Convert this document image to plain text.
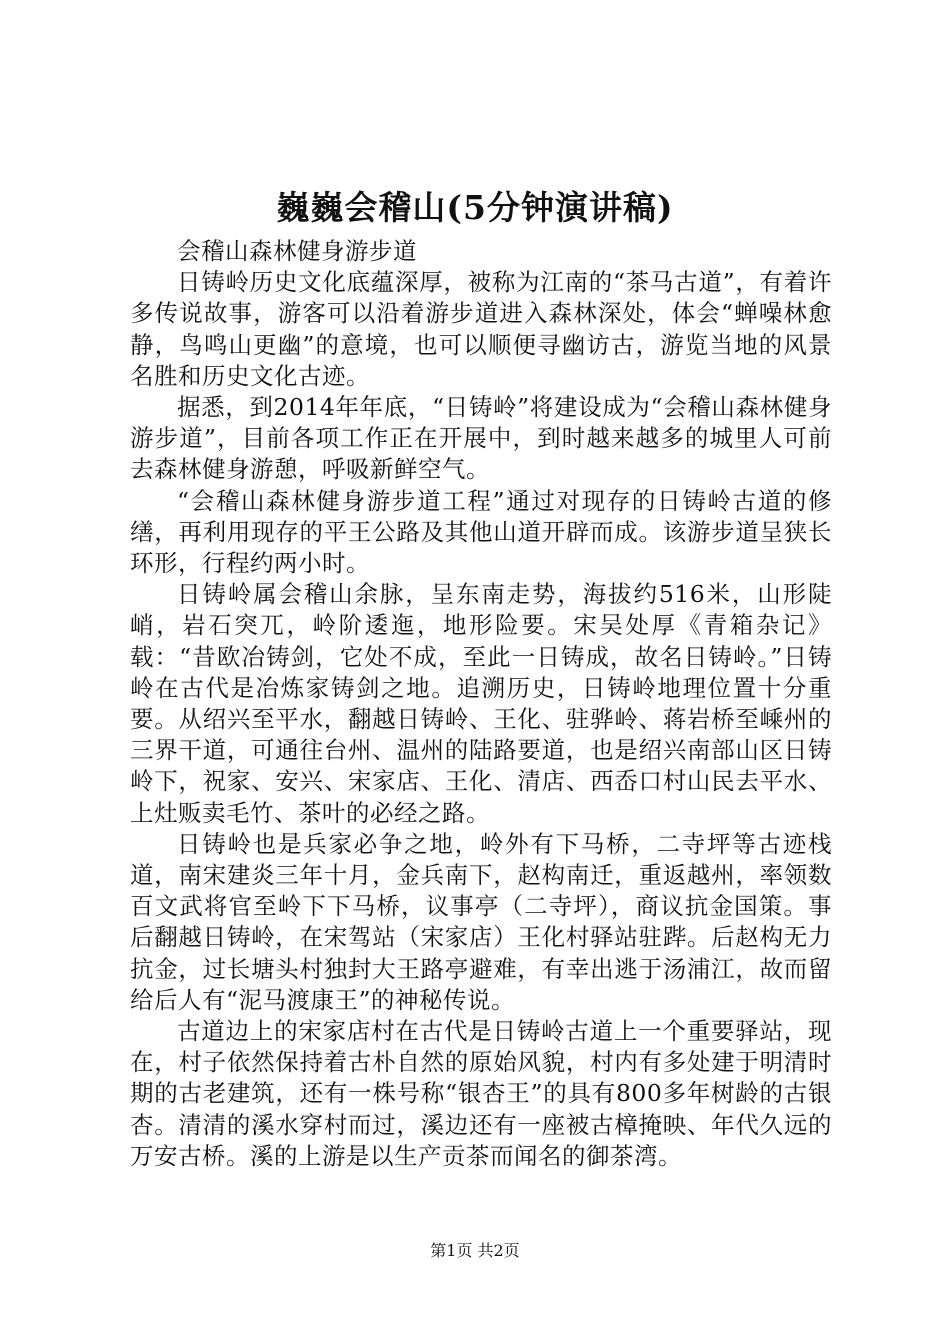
巍巍会稽山(5分钟演讲稿)

会稽山森林健身游步道

日铸岭历史文化底蕴深厚，被称为江南的“茶马古道”，有着许多传说故事，游客可以沿着游步道进入森林深处，体会“蝉噪林愈静，鸟鸣山更幽”的意境，也可以顺便寻幽访古，游览当地的风景名胜和历史文化古迹。

据悉，到2014年年底，“日铸岭”将建设成为“会稽山森林健身游步道”，目前各项工作正在开展中，到时越来越多的城里人可前去森林健身游憩，呼吸新鲜空气。

“会稽山森林健身游步道工程”通过对现存的日铸岭古道的修缮，再利用现存的平王公路及其他山道开辟而成。该游步道呈狭长环形，行程约两小时。

日铸岭属会稽山余脉，呈东南走势，海拔约516米，山形陡峭，岩石突兀，岭阶逶迤，地形险要。宋吴处厚《青箱杂记》载：“昔欧冶铸剑，它处不成，至此一日铸成，故名日铸岭。”日铸岭在古代是冶炼家铸剑之地。追溯历史，日铸岭地理位置十分重要。从绍兴至平水，翻越日铸岭、王化、驻骅岭、蒋岩桥至嵊州的三界干道，可通往台州、温州的陆路要道，也是绍兴南部山区日铸岭下，祝家、安兴、宋家店、王化、清店、西岙口村山民去平水、上灶贩卖毛竹、茶叶的必经之路。

日铸岭也是兵家必争之地，岭外有下马桥，二寺坪等古迹栈道，南宋建炎三年十月，金兵南下，赵构南迁，重返越州，率领数百文武将官至岭下下马桥，议事亭（二寺坪），商议抗金国策。事后翻越日铸岭，在宋驾站（宋家店）王化村驿站驻跸。后赵构无力抗金，过长塘头村独封大王路亭避难，有幸出逃于汤浦江，故而留给后人有“泥马渡康王”的神秘传说。

古道边上的宋家店村在古代是日铸岭古道上一个重要驿站，现在，村子依然保持着古朴自然的原始风貌，村内有多处建于明清时期的古老建筑，还有一株号称“银杏王”的具有800多年树龄的古银杏。清清的溪水穿村而过，溪边还有一座被古樟掩映、年代久远的万安古桥。溪的上游是以生产贡茶而闻名的御茶湾。

第1页 共2页
